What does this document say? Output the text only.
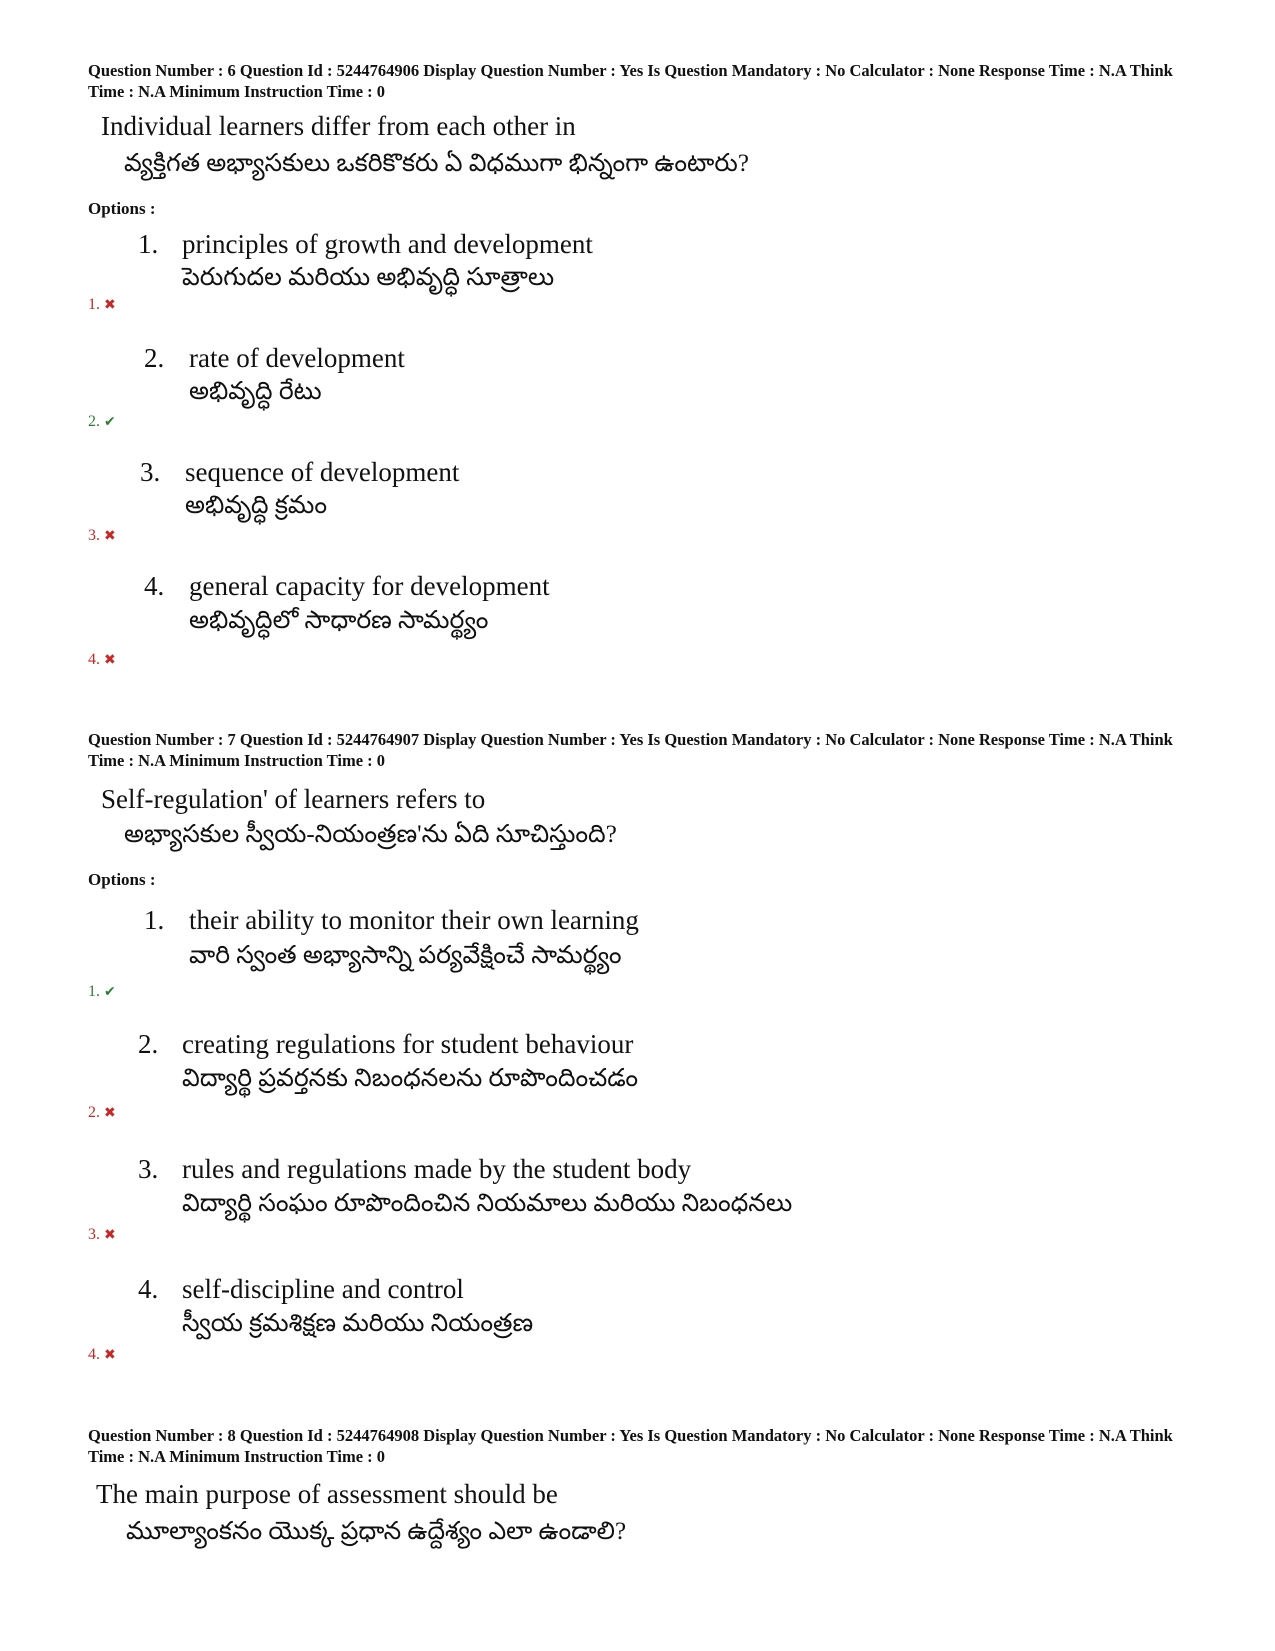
Question Number : 6 Question Id : 5244764906 Display Question Number : Yes Is Question Mandatory : No Calculator : None Response Time : N.A Think Time : N.A Minimum Instruction Time : 0
Individual learners differ from each other in
వ్యక్తిగత అభ్యాసకులు ఒకరికొకరు ఏ విధముగా భిన్నంగా ఉంటారు?
Options :
1. principles of growth and development
పెరుగుదల మరియు అభివృద్ధి సూత్రాలు
1. ✖
2. rate of development
అభివృద్ధి రేటు
2. ✔
3. sequence of development
అభివృద్ధి క్రమం
3. ✖
4. general capacity for development
అభివృద్ధిలో సాధారణ సామర్థ్యం
4. ✖
Question Number : 7 Question Id : 5244764907 Display Question Number : Yes Is Question Mandatory : No Calculator : None Response Time : N.A Think Time : N.A Minimum Instruction Time : 0
Self-regulation' of learners refers to
అభ్యాసకుల స్వీయ-నియంత్రణ'ను ఏది సూచిస్తుంది?
Options :
1. their ability to monitor their own learning
వారి స్వంత అభ్యాసాన్ని పర్యవేక్షించే సామర్థ్యం
1. ✔
2. creating regulations for student behaviour
విద్యార్థి ప్రవర్తనకు నిబంధనలను రూపొందించడం
2. ✖
3. rules and regulations made by the student body
విద్యార్థి సంఘం రూపొందించిన నియమాలు మరియు నిబంధనలు
3. ✖
4. self-discipline and control
స్వీయ క్రమశిక్షణ మరియు నియంత్రణ
4. ✖
Question Number : 8 Question Id : 5244764908 Display Question Number : Yes Is Question Mandatory : No Calculator : None Response Time : N.A Think Time : N.A Minimum Instruction Time : 0
The main purpose of assessment should be
మూల్యాంకనం యొక్క ప్రధాన ఉద్దేశ్యం ఎలా ఉండాలి?
